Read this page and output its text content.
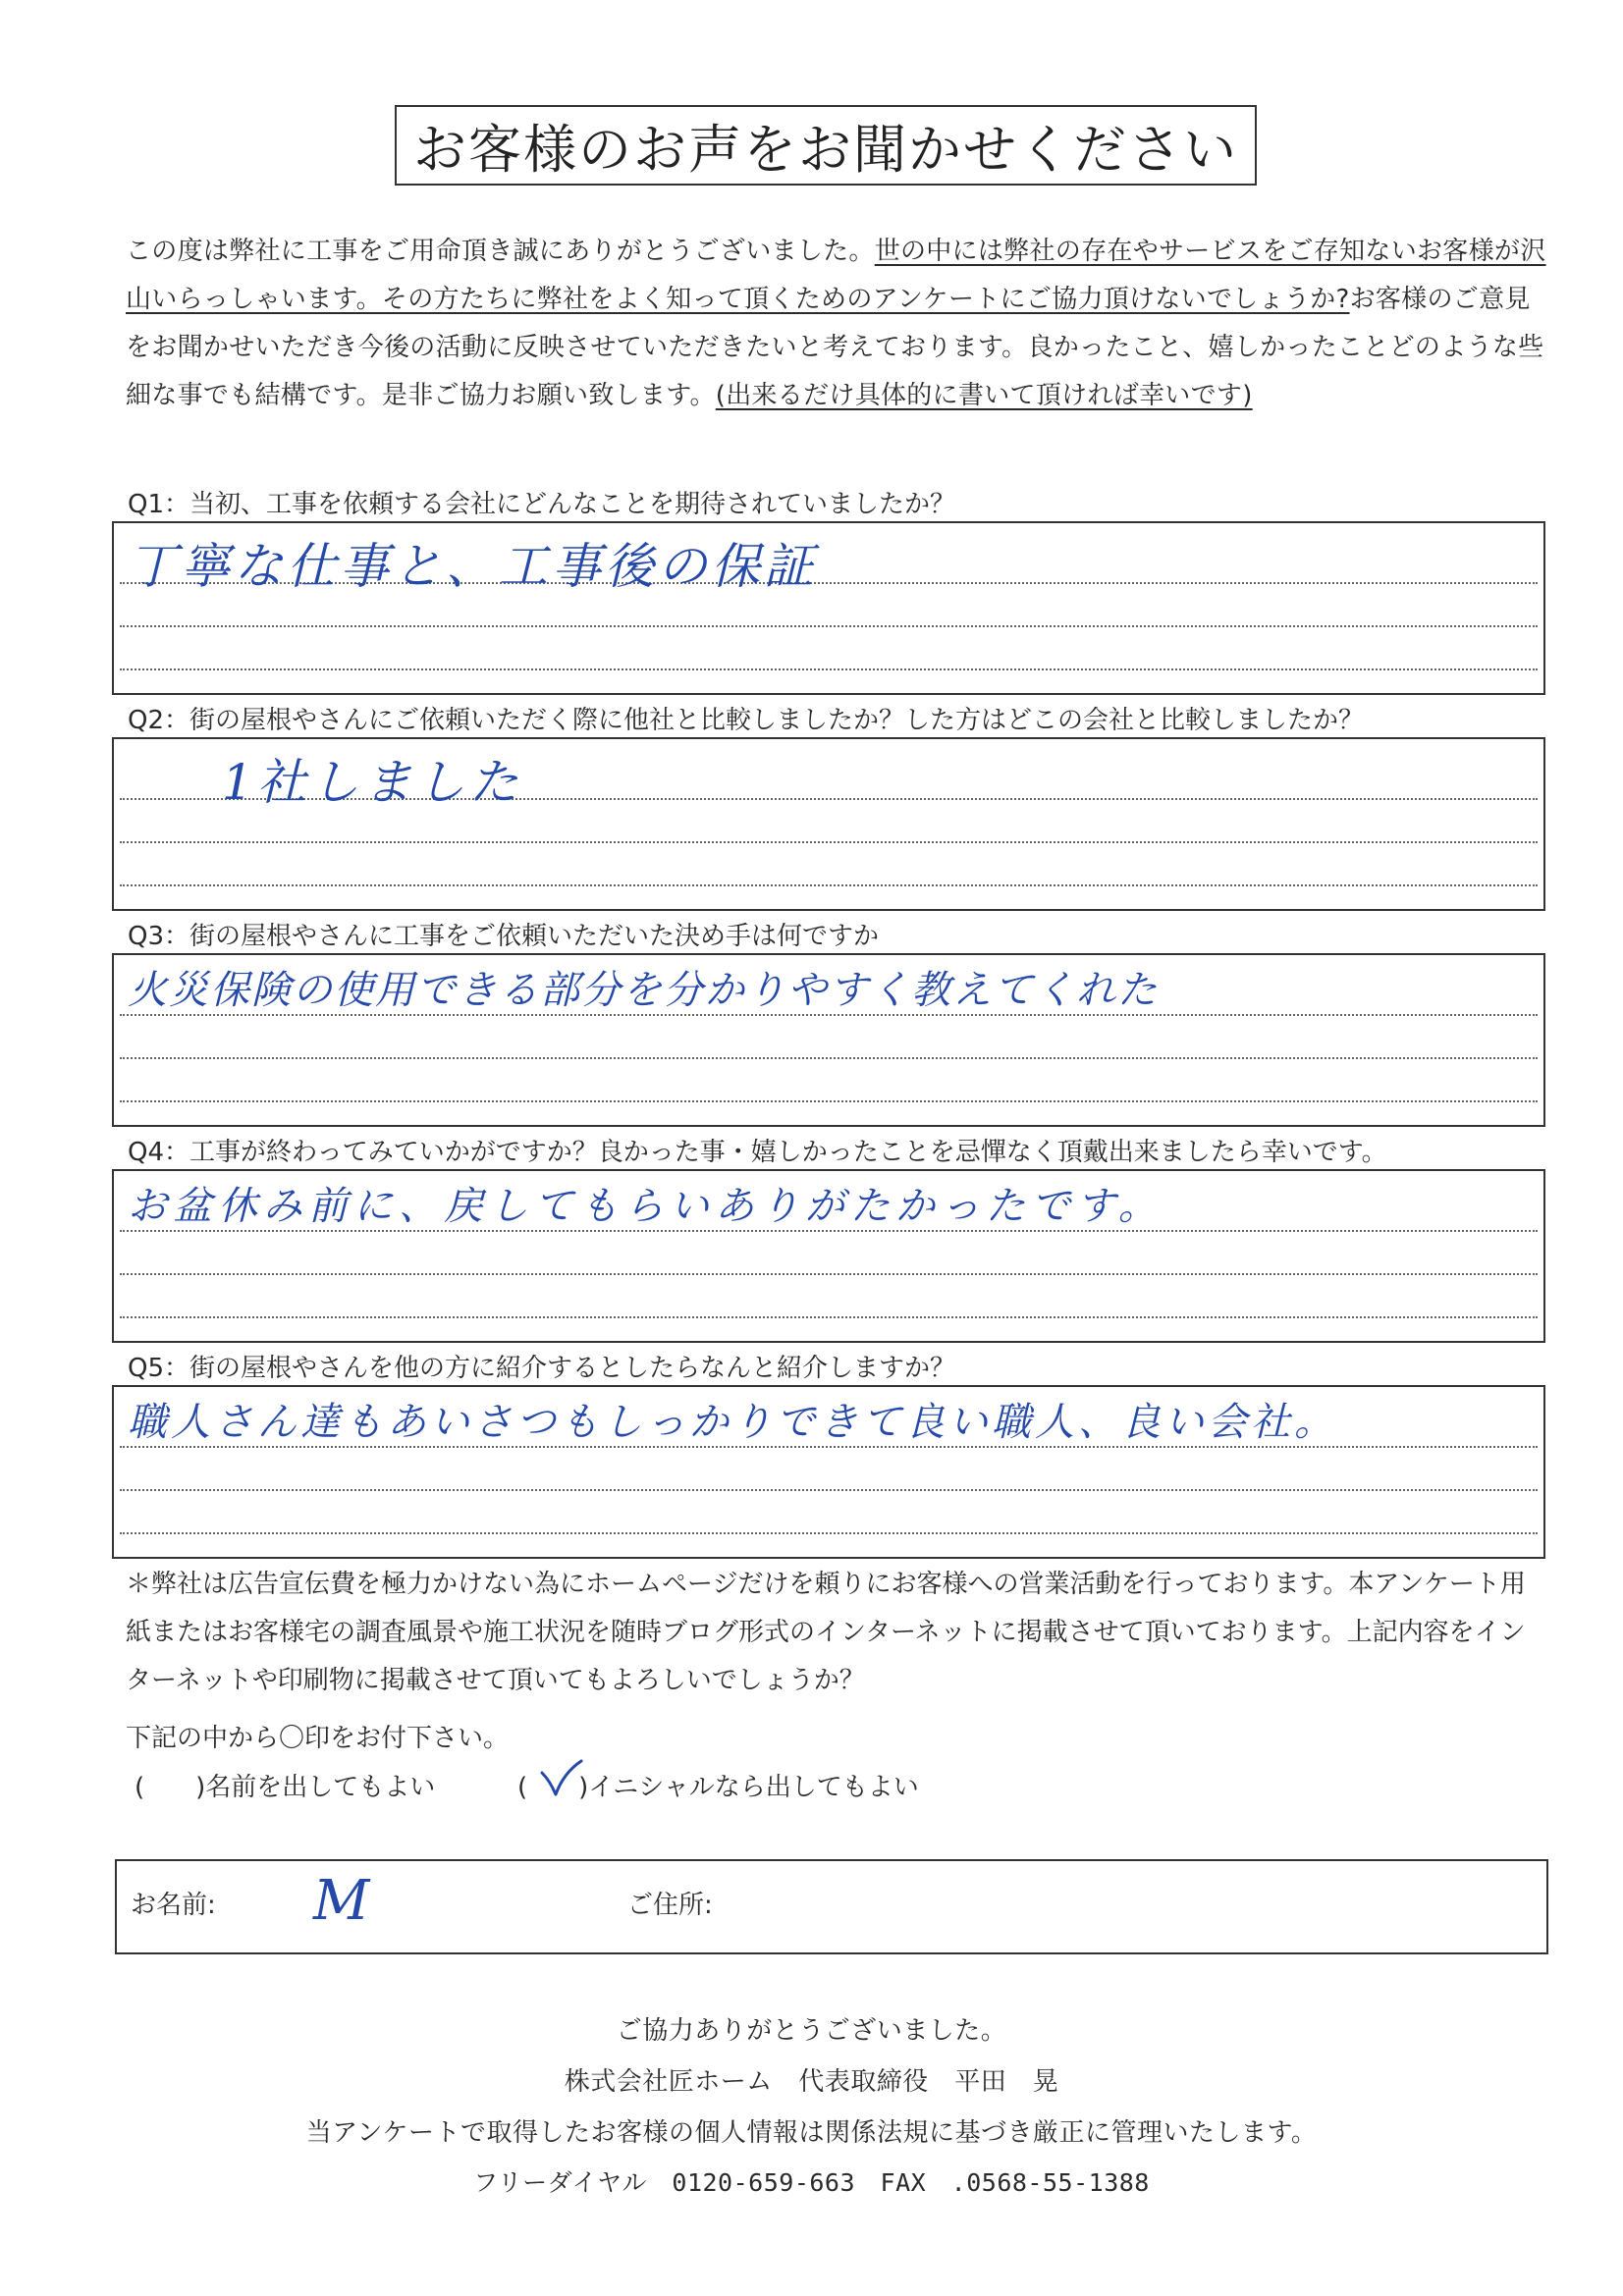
お客様のお声をお聞かせください

この度は弊社に工事をご用命頂き誠にありがとうございました。世の中には弊社の存在やサービスをご存知ないお客様が沢山いらっしゃいます。その方たちに弊社をよく知って頂くためのアンケートにご協力頂けないでしょうか?お客様のご意見をお聞かせいただき今後の活動に反映させていただきたいと考えております。良かったこと、嬉しかったことどのような些細な事でも結構です。是非ご協力お願い致します。(出来るだけ具体的に書いて頂ければ幸いです)

Q1：当初、工事を依頼する会社にどんなことを期待されていましたか？
丁寧な仕事と、工事後の保証
Q2：街の屋根やさんにご依頼いただく際に他社と比較しましたか？した方はどこの会社と比較しましたか？
1社しました
Q3：街の屋根やさんに工事をご依頼いただいた決め手は何ですか
火災保険の使用できる部分を分かりやすく教えてくれた
Q4：工事が終わってみていかがですか？良かった事・嬉しかったことを忌憚なく頂戴出来ましたら幸いです。
お盆休み前に、戻してもらいありがたかったです。
Q5：街の屋根やさんを他の方に紹介するとしたらなんと紹介しますか？
職人さん達もあいさつもしっかりできて良い職人、良い会社。

＊弊社は広告宣伝費を極力かけない為にホームページだけを頼りにお客様への営業活動を行っております。本アンケート用紙またはお客様宅の調査風景や施工状況を随時ブログ形式のインターネットに掲載させて頂いております。上記内容をインターネットや印刷物に掲載させて頂いてもよろしいでしょうか？

下記の中から〇印をお付下さい。
(　　)名前を出してもよい	(　　)イニシャルなら出してもよい
お名前: M	ご住所:
ご協力ありがとうございました。
株式会社匠ホーム　代表取締役　平田　晃
当アンケートで取得したお客様の個人情報は関係法規に基づき厳正に管理いたします。
フリーダイヤル　0120-659-663　FAX　.0568-55-1388
